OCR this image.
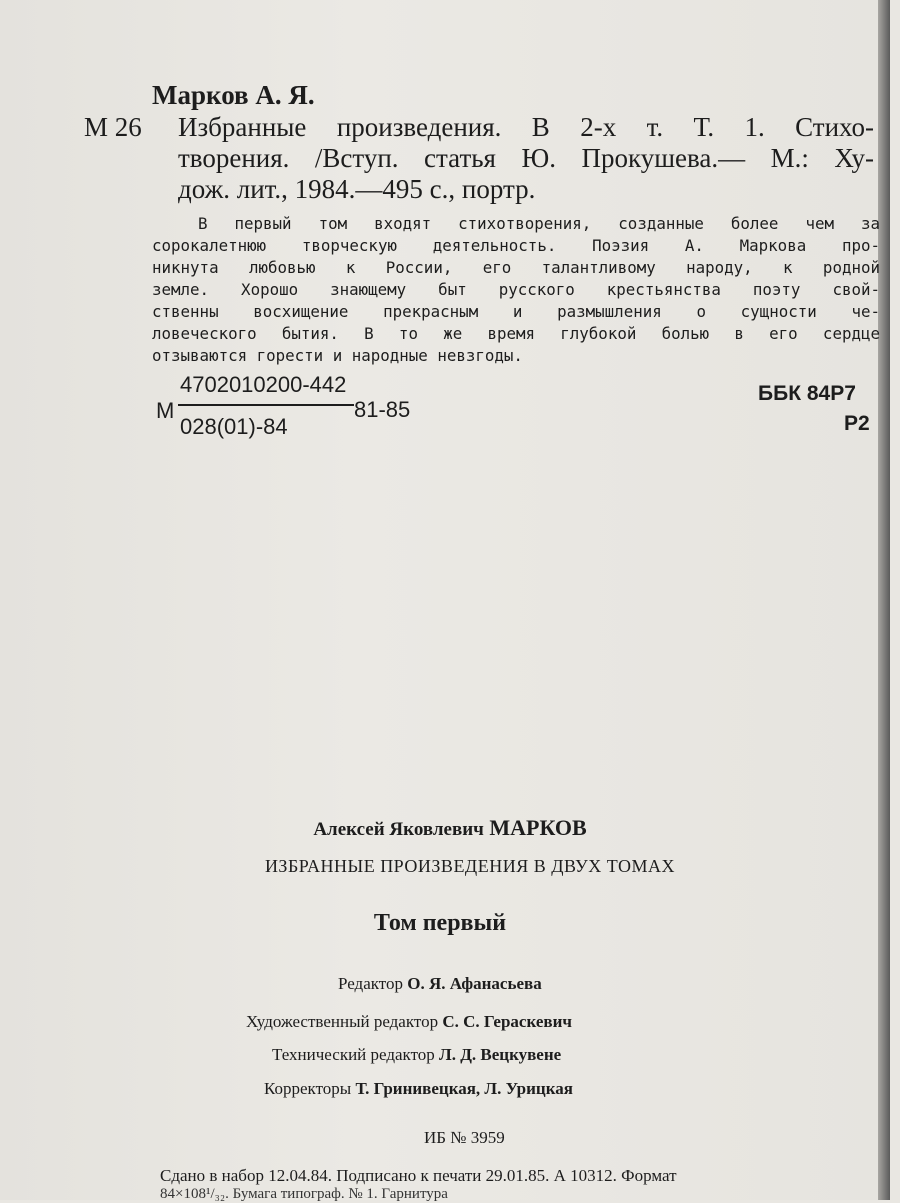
Марков А. Я.
М 26 Избранные произведения. В 2-х т. Т. 1. Стихо-
творения. /Вступ. статья Ю. Прокушева.— М.: Ху-
дож. лит., 1984.—495 с., портр.
В первый том входят стихотворения, созданные более чем за
сорокалетнюю творческую деятельность. Поэзия А. Маркова про-
никнута любовью к России, его талантливому народу, к родной
земле. Хорошо знающему быт русского крестьянства поэту свой-
ственны восхищение прекрасным и размышления о сущности че-
ловеческого бытия. В то же время глубокой болью в его сердце
отзываются горести и народные невзгоды.
4702010200-442
М
028(01)-84
81-85
ББК 84Р7
Р2
Алексей Яковлевич МАРКОВ
ИЗБРАННЫЕ ПРОИЗВЕДЕНИЯ В ДВУХ ТОМАХ
Том первый
Редактор О. Я. Афанасьева
Художественный редактор С. С. Гераскевич
Технический редактор Л. Д. Вецкувене
Корректоры Т. Гринивецкая, Л. Урицкая
ИБ № 3959
Сдано в набор 12.04.84. Подписано к печати 29.01.85. А 10312. Формат
84×108¹/₃₂. Бумага типограф. № 1. Гарнитура
